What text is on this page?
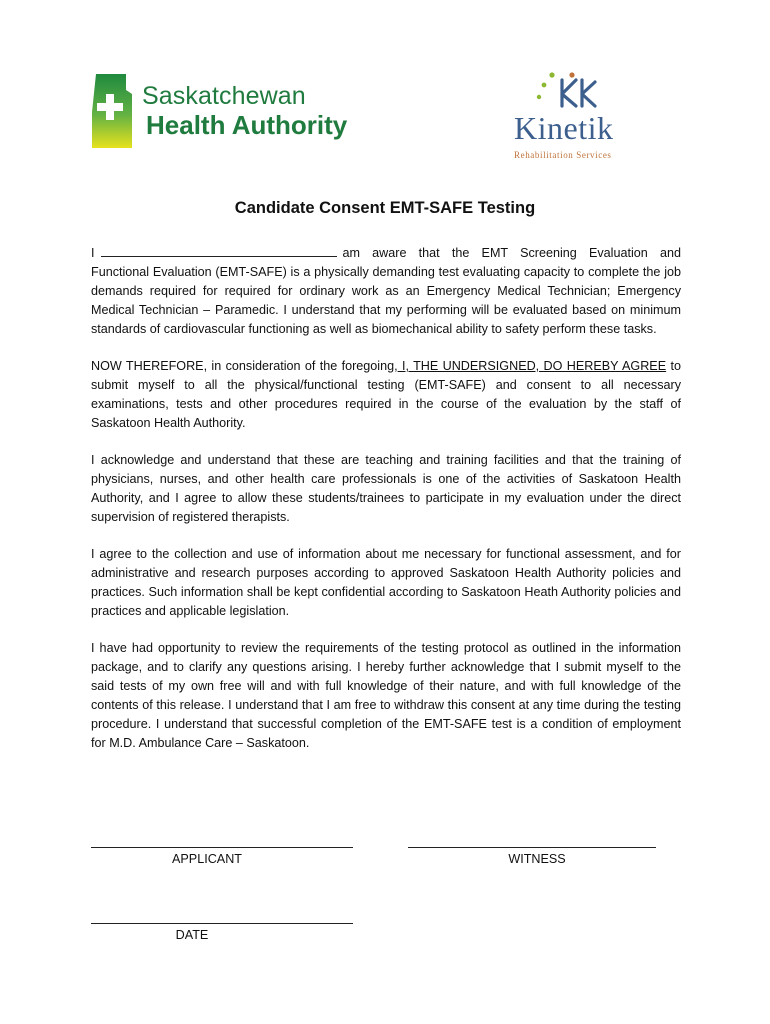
Saskatchewan
Health Authority	Kinetik
Rehabilitation Services
Candidate Consent EMT-SAFE Testing

I	am aware that the EMT Screening Evaluation and Functional Evaluation (EMT-SAFE) is a physically demanding test evaluating capacity to complete the job demands required for required for ordinary work as an Emergency Medical Technician; Emergency Medical Technician – Paramedic. I understand that my performing will be evaluated based on minimum standards of cardiovascular functioning as well as biomechanical ability to safety perform these tasks.

NOW THEREFORE, in consideration of the foregoing, I, THE UNDERSIGNED, DO HEREBY AGREE to submit myself to all the physical/functional testing (EMT-SAFE) and consent to all necessary examinations, tests and other procedures required in the course of the evaluation by the staff of Saskatoon Health Authority.

I acknowledge and understand that these are teaching and training facilities and that the training of physicians, nurses, and other health care professionals is one of the activities of Saskatoon Health Authority, and I agree to allow these students/trainees to participate in my evaluation under the direct supervision of registered therapists.

I agree to the collection and use of information about me necessary for functional assessment, and for administrative and research purposes according to approved Saskatoon Health Authority policies and practices. Such information shall be kept confidential according to Saskatoon Heath Authority policies and practices and applicable legislation.

I have had opportunity to review the requirements of the testing protocol as outlined in the information package, and to clarify any questions arising. I hereby further acknowledge that I submit myself to the said tests of my own free will and with full knowledge of their nature, and with full knowledge of the contents of this release. I understand that I am free to withdraw this consent at any time during the testing procedure. I understand that successful completion of the EMT-SAFE test is a condition of employment for M.D. Ambulance Care – Saskatoon.

APPLICANT	WITNESS
DATE
